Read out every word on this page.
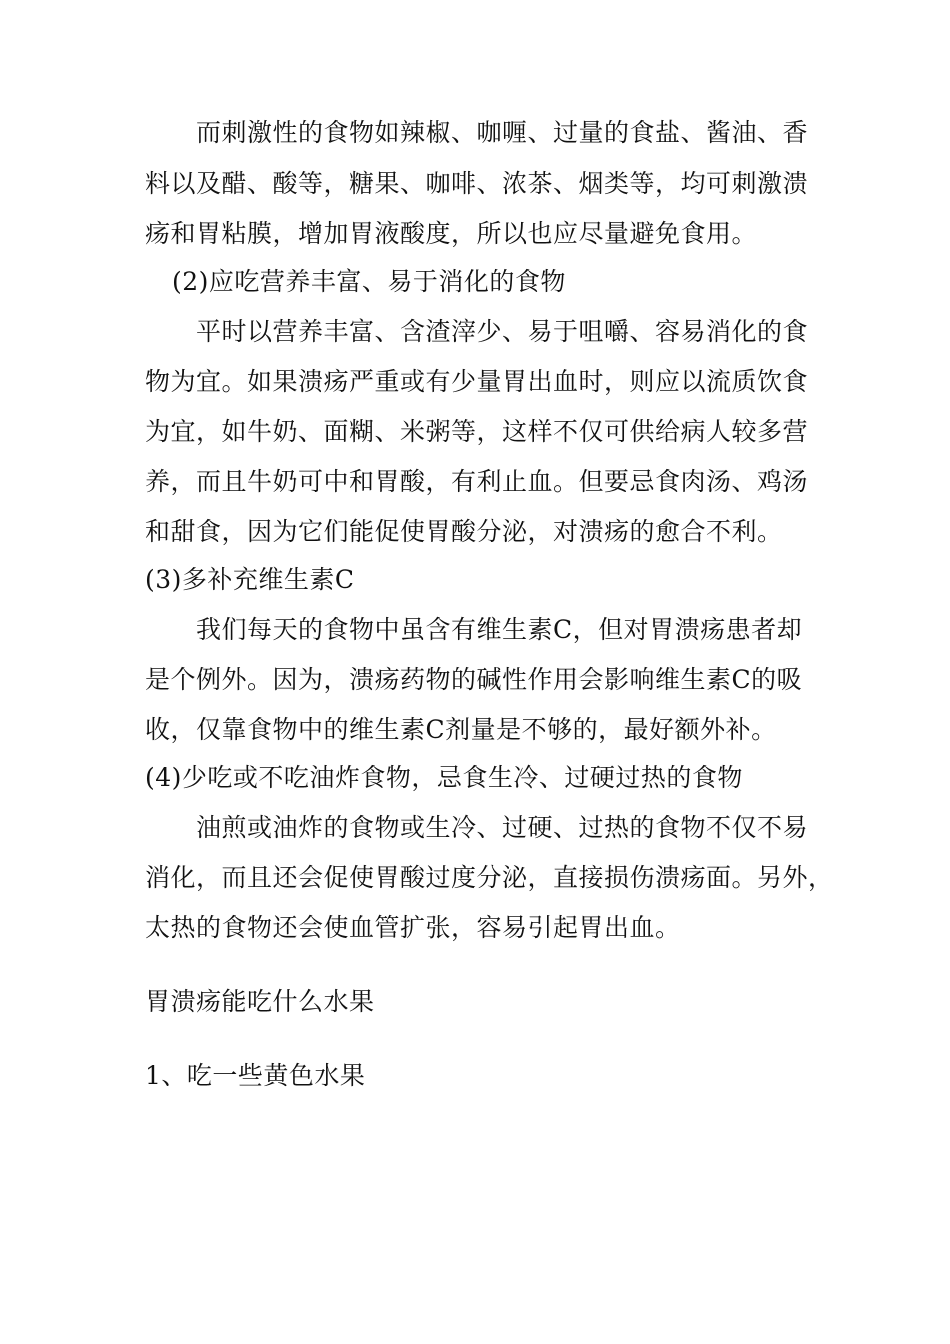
而刺激性的食物如辣椒、咖喱、过量的食盐、酱油、香
料以及醋、酸等，糖果、咖啡、浓茶、烟类等，均可刺激溃
疡和胃粘膜，增加胃液酸度，所以也应尽量避免食用。
(2)应吃营养丰富、易于消化的食物
平时以营养丰富、含渣滓少、易于咀嚼、容易消化的食
物为宜。如果溃疡严重或有少量胃出血时，则应以流质饮食
为宜，如牛奶、面糊、米粥等，这样不仅可供给病人较多营
养，而且牛奶可中和胃酸，有利止血。但要忌食肉汤、鸡汤
和甜食，因为它们能促使胃酸分泌，对溃疡的愈合不利。
(3)多补充维生素C
我们每天的食物中虽含有维生素C，但对胃溃疡患者却
是个例外。因为，溃疡药物的碱性作用会影响维生素C的吸
收，仅靠食物中的维生素C剂量是不够的，最好额外补。
(4)少吃或不吃油炸食物，忌食生冷、过硬过热的食物
油煎或油炸的食物或生冷、过硬、过热的食物不仅不易
消化，而且还会促使胃酸过度分泌，直接损伤溃疡面。另外，
太热的食物还会使血管扩张，容易引起胃出血。
胃溃疡能吃什么水果
1、吃一些黄色水果
